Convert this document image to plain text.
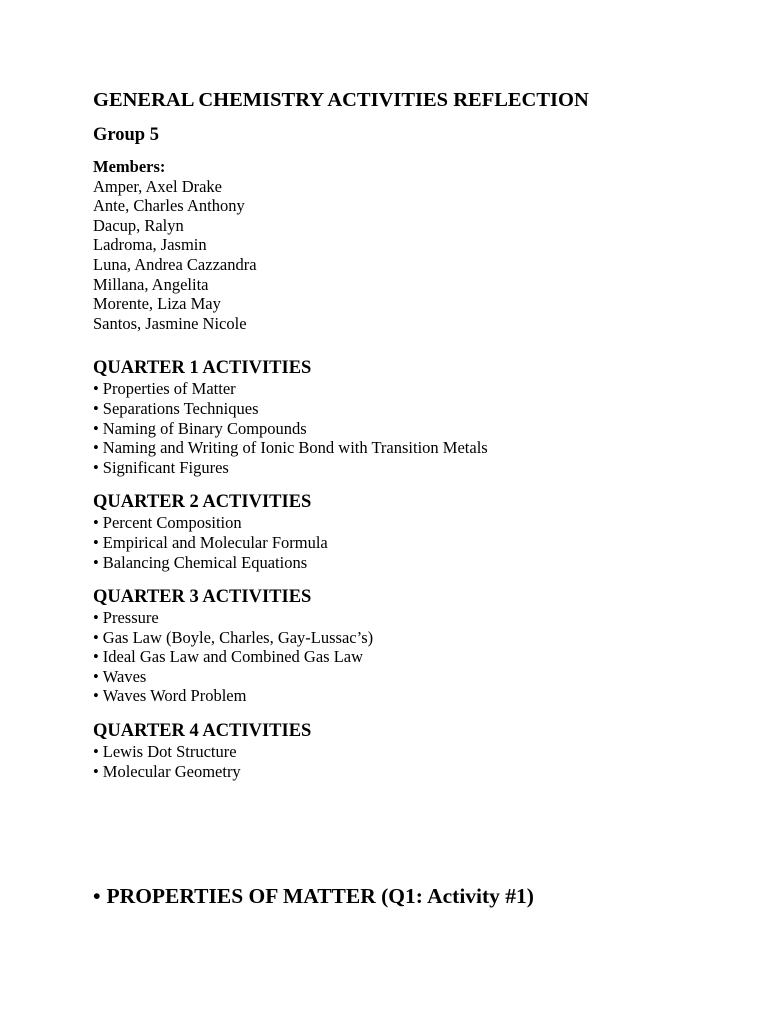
GENERAL CHEMISTRY ACTIVITIES REFLECTION
Group 5
Members:
Amper, Axel Drake
Ante, Charles Anthony
Dacup, Ralyn
Ladroma, Jasmin
Luna, Andrea Cazzandra
Millana, Angelita
Morente, Liza May
Santos, Jasmine Nicole
QUARTER 1 ACTIVITIES
• Properties of Matter
• Separations Techniques
• Naming of Binary Compounds
• Naming and Writing of Ionic Bond with Transition Metals
• Significant Figures
QUARTER 2 ACTIVITIES
• Percent Composition
• Empirical and Molecular Formula
• Balancing Chemical Equations
QUARTER 3 ACTIVITIES
• Pressure
• Gas Law (Boyle, Charles, Gay-Lussac’s)
• Ideal Gas Law and Combined Gas Law
• Waves
• Waves Word Problem
QUARTER 4 ACTIVITIES
• Lewis Dot Structure
• Molecular Geometry
• PROPERTIES OF MATTER (Q1: Activity #1)
